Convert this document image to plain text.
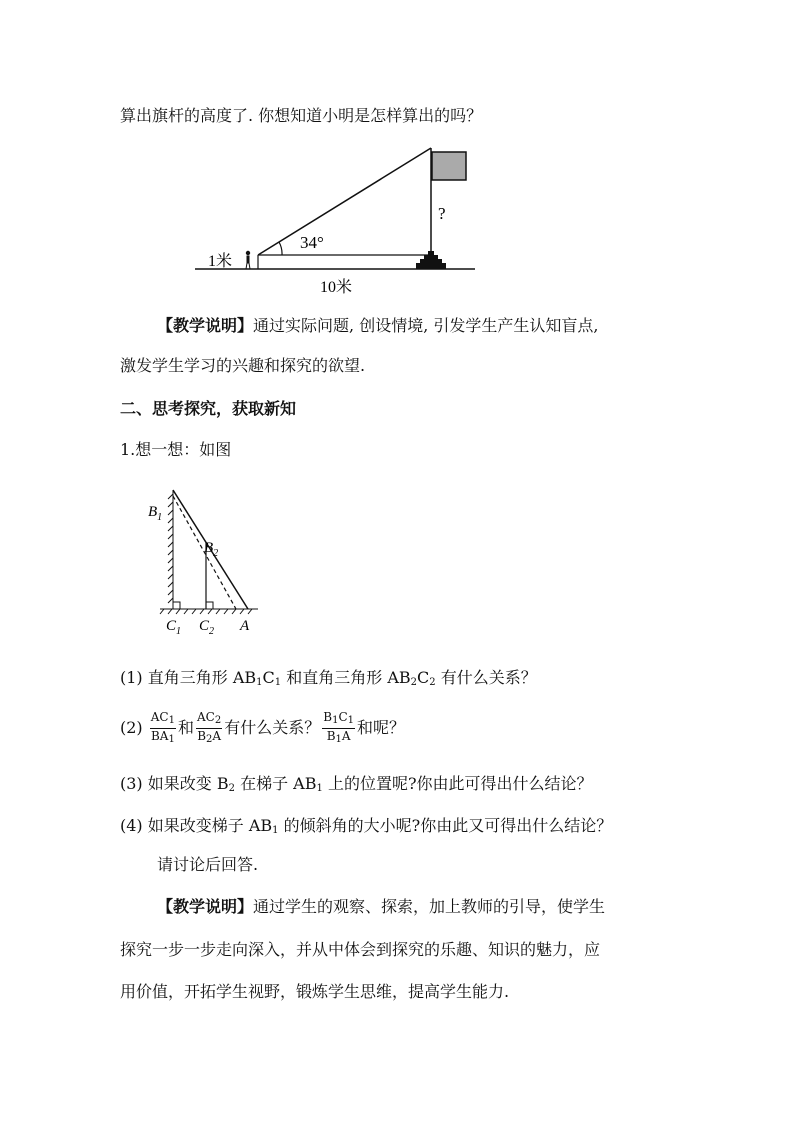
算出旗杆的高度了. 你想知道小明是怎样算出的吗？
34°
1米
10米
?
【教学说明】通过实际问题, 创设情境, 引发学生产生认知盲点,
激发学生学习的兴趣和探究的欲望.
二、思考探究，获取新知
1.想一想：如图
$B_1$
$B_2$
$C_1$ $C_2$ A
(1) 直角三角形 $AB_1C_1$ 和直角三角形 $AB_2C_2$ 有什么关系？
$(2) \frac{AC_1}{BA_1}$ 和 $\frac{AC_2}{B_2A}$ 有什么关系？ $\frac{B_1C_1}{B_1A}$ 和呢？
(3) 如果改变 $B_2$ 在梯子 $AB_1$ 上的位置呢?你由此可得出什么结论？
(4) 如果改变梯子 $AB_1$ 的倾斜角的大小呢?你由此又可得出什么结论？
请讨论后回答.
【教学说明】通过学生的观察、探索，加上教师的引导，使学生
探究一步一步走向深入，并从中体会到探究的乐趣、知识的魅力，应
用价值，开拓学生视野，锻炼学生思维，提高学生能力.
